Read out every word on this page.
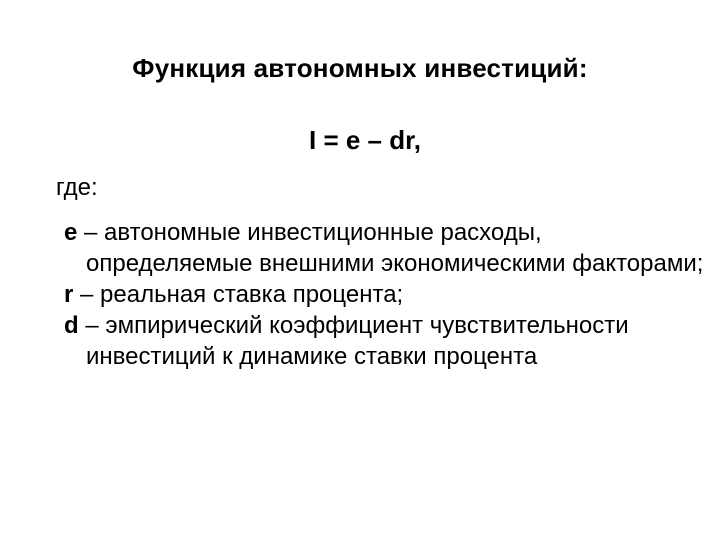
Функция автономных инвестиций:
I = e – dr,
где:
e – автономные инвестиционные расходы, определяемые внешними экономическими факторами;
r – реальная ставка процента;
d – эмпирический коэффициент чувствительности инвестиций к динамике ставки процента
